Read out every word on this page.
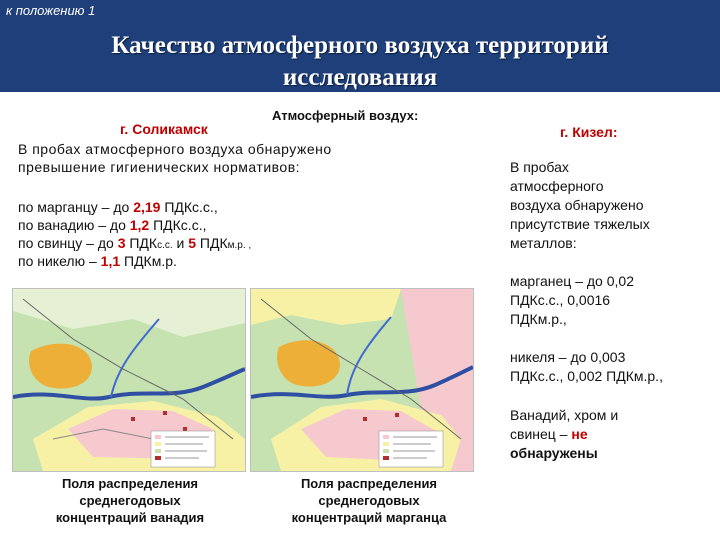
к положению 1
Качество атмосферного воздуха территорий
исследования
Атмосферный воздух:
г. Соликамск
В пробах атмосферного воздуха обнаружено
превышение гигиенических нормативов:
по марганцу – до 2,19 ПДКс.с.,
по ванадию – до 1,2 ПДКс.с.,
по свинцу – до 3 ПДКс.с. и 5 ПДКм.р. ,
по никелю – 1,1 ПДКм.р.
Поля распределения
среднегодовых
концентраций ванадия
Поля распределения
среднегодовых
концентраций марганца
г. Кизел:
В пробах
атмосферного
воздуха обнаружено
присутствие тяжелых
металлов:
марганец – до 0,02
ПДКс.с., 0,0016
ПДКм.р.,
никеля – до 0,003
ПДКс.с., 0,002 ПДКм.р.,
Ванадий, хром и
свинец – не
обнаружены
